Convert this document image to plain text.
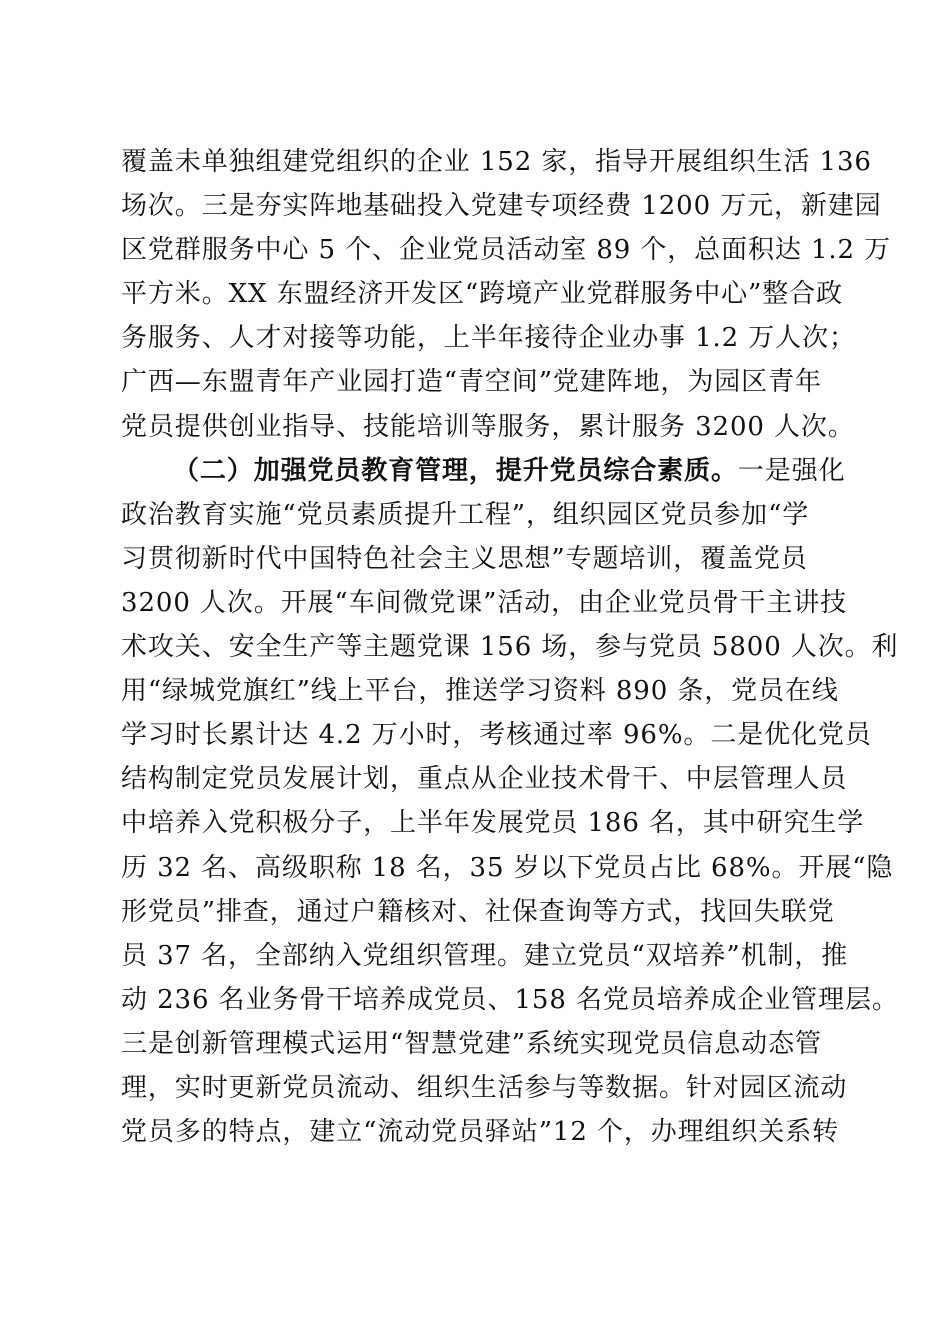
覆盖未单独组建党组织的企业 152 家，指导开展组织生活 136
场次。三是夯实阵地基础投入党建专项经费 1200 万元，新建园
区党群服务中心 5 个、企业党员活动室 89 个，总面积达 1.2 万
平方米。XX 东盟经济开发区“跨境产业党群服务中心”整合政
务服务、人才对接等功能，上半年接待企业办事 1.2 万人次；
广西—东盟青年产业园打造“青空间”党建阵地，为园区青年
党员提供创业指导、技能培训等服务，累计服务 3200 人次。
（二）加强党员教育管理，提升党员综合素质。一是强化
政治教育实施“党员素质提升工程”，组织园区党员参加“学
习贯彻新时代中国特色社会主义思想”专题培训，覆盖党员
3200 人次。开展“车间微党课”活动，由企业党员骨干主讲技
术攻关、安全生产等主题党课 156 场，参与党员 5800 人次。利
用“绿城党旗红”线上平台，推送学习资料 890 条，党员在线
学习时长累计达 4.2 万小时，考核通过率 96%。二是优化党员
结构制定党员发展计划，重点从企业技术骨干、中层管理人员
中培养入党积极分子，上半年发展党员 186 名，其中研究生学
历 32 名、高级职称 18 名，35 岁以下党员占比 68%。开展“隐
形党员”排查，通过户籍核对、社保查询等方式，找回失联党
员 37 名，全部纳入党组织管理。建立党员“双培养”机制，推
动 236 名业务骨干培养成党员、158 名党员培养成企业管理层。
三是创新管理模式运用“智慧党建”系统实现党员信息动态管
理，实时更新党员流动、组织生活参与等数据。针对园区流动
党员多的特点，建立“流动党员驿站”12 个，办理组织关系转
